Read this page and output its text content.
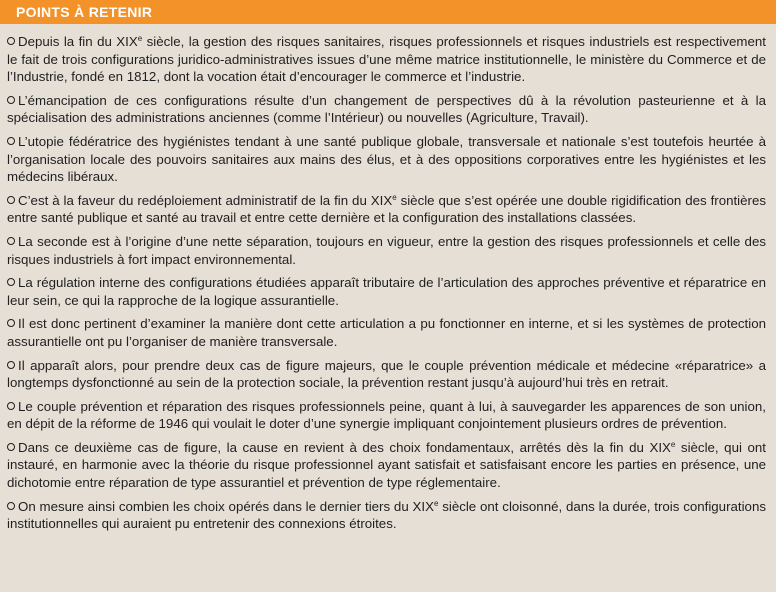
POINTS À RETENIR

Depuis la fin du XIXe siècle, la gestion des risques sanitaires, risques professionnels et risques industriels est respectivement le fait de trois configurations juridico-administratives issues d’une même matrice institutionnelle, le ministère du Commerce et de l’Industrie, fondé en 1812, dont la vocation était d’encourager le commerce et l’industrie.

L’émancipation de ces configurations résulte d’un changement de perspectives dû à la révolution pasteurienne et à la spécialisation des administrations anciennes (comme l’Intérieur) ou nouvelles (Agriculture, Travail).

L’utopie fédératrice des hygiénistes tendant à une santé publique globale, transversale et nationale s’est toutefois heurtée à l’organisation locale des pouvoirs sanitaires aux mains des élus, et à des oppositions corporatives entre les hygiénistes et les médecins libéraux.

C’est à la faveur du redéploiement administratif de la fin du XIXe siècle que s’est opérée une double rigidification des frontières entre santé publique et santé au travail et entre cette dernière et la configuration des installations classées.

La seconde est à l’origine d’une nette séparation, toujours en vigueur, entre la gestion des risques professionnels et celle des risques industriels à fort impact environnemental.

La régulation interne des configurations étudiées apparaît tributaire de l’articulation des approches préventive et réparatrice en leur sein, ce qui la rapproche de la logique assurantielle.

Il est donc pertinent d’examiner la manière dont cette articulation a pu fonctionner en interne, et si les systèmes de protection assurantielle ont pu l’organiser de manière transversale.

Il apparaît alors, pour prendre deux cas de figure majeurs, que le couple prévention médicale et médecine «réparatrice» a longtemps dysfonctionné au sein de la protection sociale, la prévention restant jusqu’à aujourd’hui très en retrait.

Le couple prévention et réparation des risques professionnels peine, quant à lui, à sauvegarder les apparences de son union, en dépit de la réforme de 1946 qui voulait le doter d’une synergie impliquant conjointement plusieurs ordres de prévention.

Dans ce deuxième cas de figure, la cause en revient à des choix fondamentaux, arrêtés dès la fin du XIXe siècle, qui ont instauré, en harmonie avec la théorie du risque professionnel ayant satisfait et satisfaisant encore les parties en présence, une dichotomie entre réparation de type assurantiel et prévention de type réglementaire.

On mesure ainsi combien les choix opérés dans le dernier tiers du XIXe siècle ont cloisonné, dans la durée, trois configurations institutionnelles qui auraient pu entretenir des connexions étroites.
